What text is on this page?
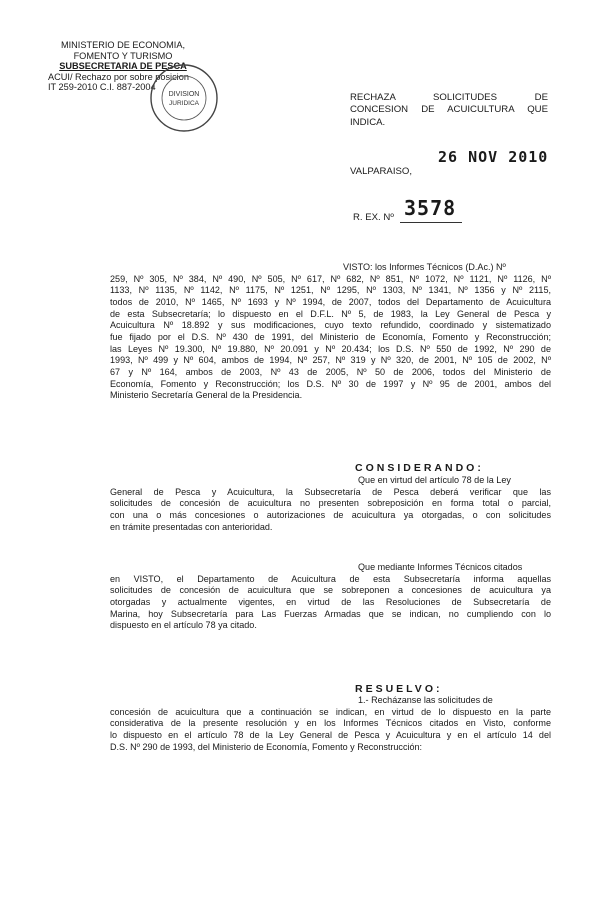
MINISTERIO DE ECONOMIA,
FOMENTO Y TURISMO
SUBSECRETARIA DE PESCA
ACUI/ Rechazo por sobre posicion
IT 259-2010 C.I. 887-2004
DIVISION
JURIDICA
RECHAZA SOLICITUDES DE
CONCESION DE ACUICULTURA QUE
INDICA.
26 NOV 2010
VALPARAISO,
3578
R. EX. Nº
VISTO: los Informes Técnicos (D.Ac.) Nº
259, Nº 305, Nº 384, Nº 490, Nº 505, Nº 617, Nº 682, Nº 851, Nº 1072, Nº 1121, Nº 1126, Nº
1133, Nº 1135, Nº 1142, Nº 1175, Nº 1251, Nº 1295, Nº 1303, Nº 1341, Nº 1356 y Nº 2115,
todos de 2010, Nº 1465, Nº 1693 y Nº 1994, de 2007, todos del Departamento de Acuicultura
de esta Subsecretaría; lo dispuesto en el D.F.L. Nº 5, de 1983, la Ley General de Pesca y
Acuicultura Nº 18.892 y sus modificaciones, cuyo texto refundido, coordinado y sistematizado
fue fijado por el D.S. Nº 430 de 1991, del Ministerio de Economía, Fomento y Reconstrucción;
las Leyes Nº 19.300, Nº 19.880, Nº 20.091 y Nº 20.434; los D.S. Nº 550 de 1992, Nº 290 de
1993, Nº 499 y Nº 604, ambos de 1994, Nº 257, Nº 319 y Nº 320, de 2001, Nº 105 de 2002, Nº
67 y Nº 164, ambos de 2003, Nº 43 de 2005, Nº 50 de 2006, todos del Ministerio de
Economía, Fomento y Reconstrucción; los D.S. Nº 30 de 1997 y Nº 95 de 2001, ambos del
Ministerio Secretaría General de la Presidencia.
CONSIDERANDO:
Que en virtud del artículo 78 de la Ley
General de Pesca y Acuicultura, la Subsecretaría de Pesca deberá verificar que las
solicitudes de concesión de acuicultura no presenten sobreposición en forma total o parcial,
con una o más concesiones o autorizaciones de acuicultura ya otorgadas, o con solicitudes
en trámite presentadas con anterioridad.
Que mediante Informes Técnicos citados
en VISTO, el Departamento de Acuicultura de esta Subsecretaría informa aquellas
solicitudes de concesión de acuicultura que se sobreponen a concesiones de acuicultura ya
otorgadas y actualmente vigentes, en virtud de las Resoluciones de Subsecretaría de
Marina, hoy Subsecretaría para Las Fuerzas Armadas que se indican, no cumpliendo con lo
dispuesto en el artículo 78 ya citado.
RESUELVO:
1.- Recházanse las solicitudes de
concesión de acuicultura que a continuación se indican, en virtud de lo dispuesto en la parte
considerativa de la presente resolución y en los Informes Técnicos citados en Visto, conforme
lo dispuesto en el artículo 78 de la Ley General de Pesca y Acuicultura y en el artículo 14 del
D.S. Nº 290 de 1993, del Ministerio de Economía, Fomento y Reconstrucción:
